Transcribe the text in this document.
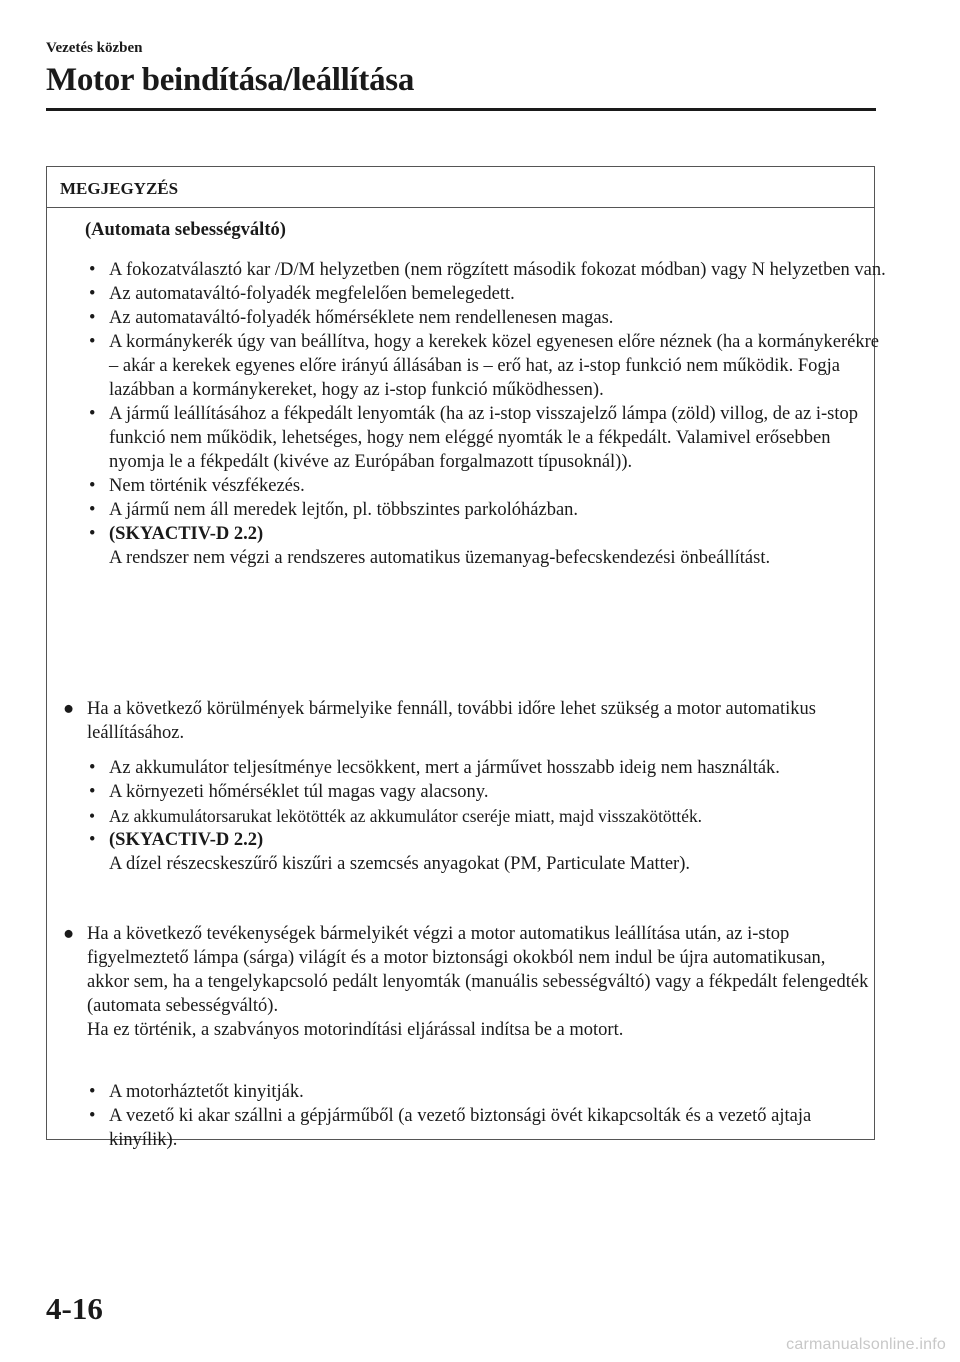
Vezetés közben
Motor beindítása/leállítása
MEGJEGYZÉS
(Automata sebességváltó)
• A fokozatválasztó kar /D/M helyzetben (nem rögzített második fokozat módban) vagy N helyzetben van.
• Az automataváltó-folyadék megfelelően bemelegedett.
• Az automataváltó-folyadék hőmérséklete nem rendellenesen magas.
• A kormánykerék úgy van beállítva, hogy a kerekek közel egyenesen előre néznek (ha a kormánykerékre – akár a kerekek egyenes előre irányú állásában is – erő hat, az i-stop funkció nem működik. Fogja lazábban a kormánykereket, hogy az i-stop funkció működhessen).
• A jármű leállításához a fékpedált lenyomták (ha az i-stop visszajelző lámpa (zöld) villog, de az i-stop funkció nem működik, lehetséges, hogy nem eléggé nyomták le a fékpedált. Valamivel erősebben nyomja le a fékpedált (kivéve az Európában forgalmazott típusoknál)).
• Nem történik vészfékezés.
• A jármű nem áll meredek lejtőn, pl. többszintes parkolóházban.
• (SKYACTIV-D 2.2)
A rendszer nem végzi a rendszeres automatikus üzemanyag-befecskendezési önbeállítást.
● Ha a következő körülmények bármelyike fennáll, további időre lehet szükség a motor automatikus leállításához.
• Az akkumulátor teljesítménye lecsökkent, mert a járművet hosszabb ideig nem használták.
• A környezeti hőmérséklet túl magas vagy alacsony.
• Az akkumulátorsarukat lekötötték az akkumulátor cseréje miatt, majd visszakötötték.
• (SKYACTIV-D 2.2)
A dízel részecskeszűrő kiszűri a szemcsés anyagokat (PM, Particulate Matter).
● Ha a következő tevékenységek bármelyikét végzi a motor automatikus leállítása után, az i-stop figyelmeztető lámpa (sárga) világít és a motor biztonsági okokból nem indul be újra automatikusan, akkor sem, ha a tengelykapcsoló pedált lenyomták (manuális sebességváltó) vagy a fékpedált felengedték (automata sebességváltó).
Ha ez történik, a szabványos motorindítási eljárással indítsa be a motort.
• A motorháztetőt kinyitják.
• A vezető ki akar szállni a gépjárműből (a vezető biztonsági övét kikapcsolták és a vezető ajtaja kinyílik).
4-16
carmanualsonline.info
